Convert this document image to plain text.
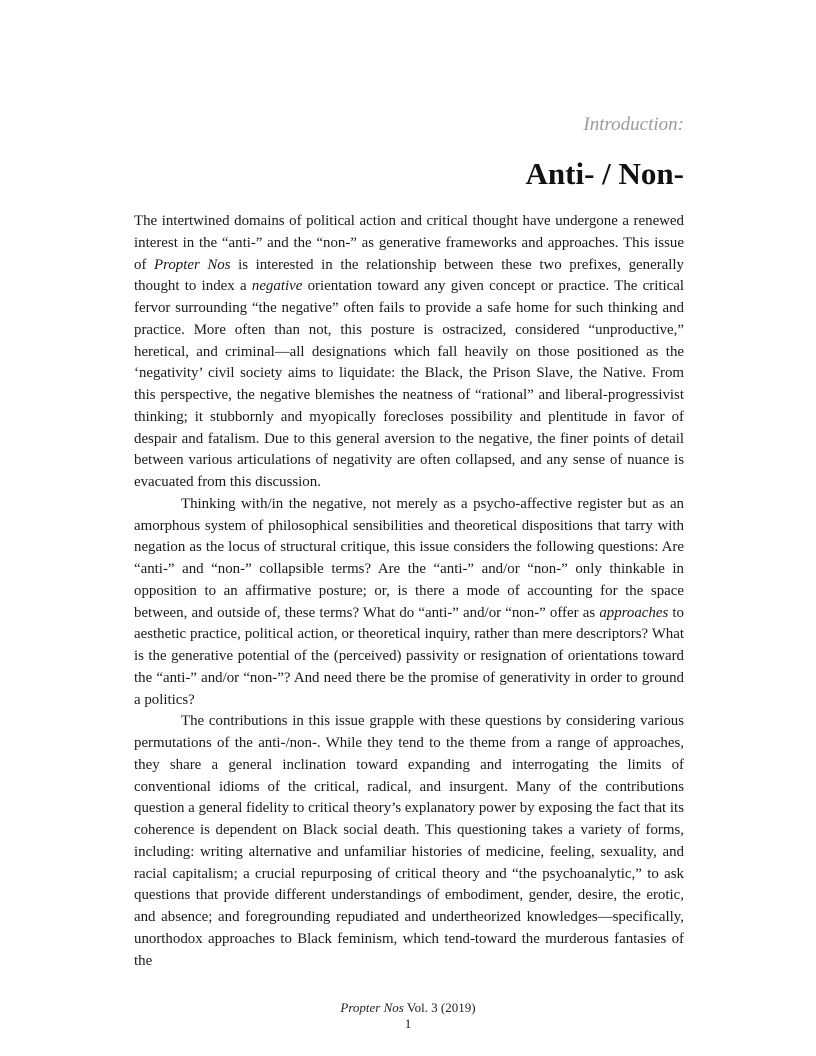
Introduction:

Anti- / Non-

The intertwined domains of political action and critical thought have undergone a renewed interest in the “anti-” and the “non-” as generative frameworks and approaches. This issue of Propter Nos is interested in the relationship between these two prefixes, generally thought to index a negative orientation toward any given concept or practice. The critical fervor surrounding “the negative” often fails to provide a safe home for such thinking and practice. More often than not, this posture is ostracized, considered “unproductive,” heretical, and criminal—all designations which fall heavily on those positioned as the ‘negativity’ civil society aims to liquidate: the Black, the Prison Slave, the Native. From this perspective, the negative blemishes the neatness of “rational” and liberal-progressivist thinking; it stubbornly and myopically forecloses possibility and plentitude in favor of despair and fatalism. Due to this general aversion to the negative, the finer points of detail between various articulations of negativity are often collapsed, and any sense of nuance is evacuated from this discussion.

Thinking with/in the negative, not merely as a psycho-affective register but as an amorphous system of philosophical sensibilities and theoretical dispositions that tarry with negation as the locus of structural critique, this issue considers the following questions: Are “anti-” and “non-” collapsible terms? Are the “anti-” and/or “non-” only thinkable in opposition to an affirmative posture; or, is there a mode of accounting for the space between, and outside of, these terms? What do “anti-” and/or “non-” offer as approaches to aesthetic practice, political action, or theoretical inquiry, rather than mere descriptors? What is the generative potential of the (perceived) passivity or resignation of orientations toward the “anti-” and/or “non-”? And need there be the promise of generativity in order to ground a politics?

The contributions in this issue grapple with these questions by considering various permutations of the anti-/non-. While they tend to the theme from a range of approaches, they share a general inclination toward expanding and interrogating the limits of conventional idioms of the critical, radical, and insurgent. Many of the contributions question a general fidelity to critical theory’s explanatory power by exposing the fact that its coherence is dependent on Black social death. This questioning takes a variety of forms, including: writing alternative and unfamiliar histories of medicine, feeling, sexuality, and racial capitalism; a crucial repurposing of critical theory and “the psychoanalytic,” to ask questions that provide different understandings of embodiment, gender, desire, the erotic, and absence; and foregrounding repudiated and undertheorized knowledges—specifically, unorthodox approaches to Black feminism, which tend-toward the murderous fantasies of the

Propter Nos Vol. 3 (2019)
1
